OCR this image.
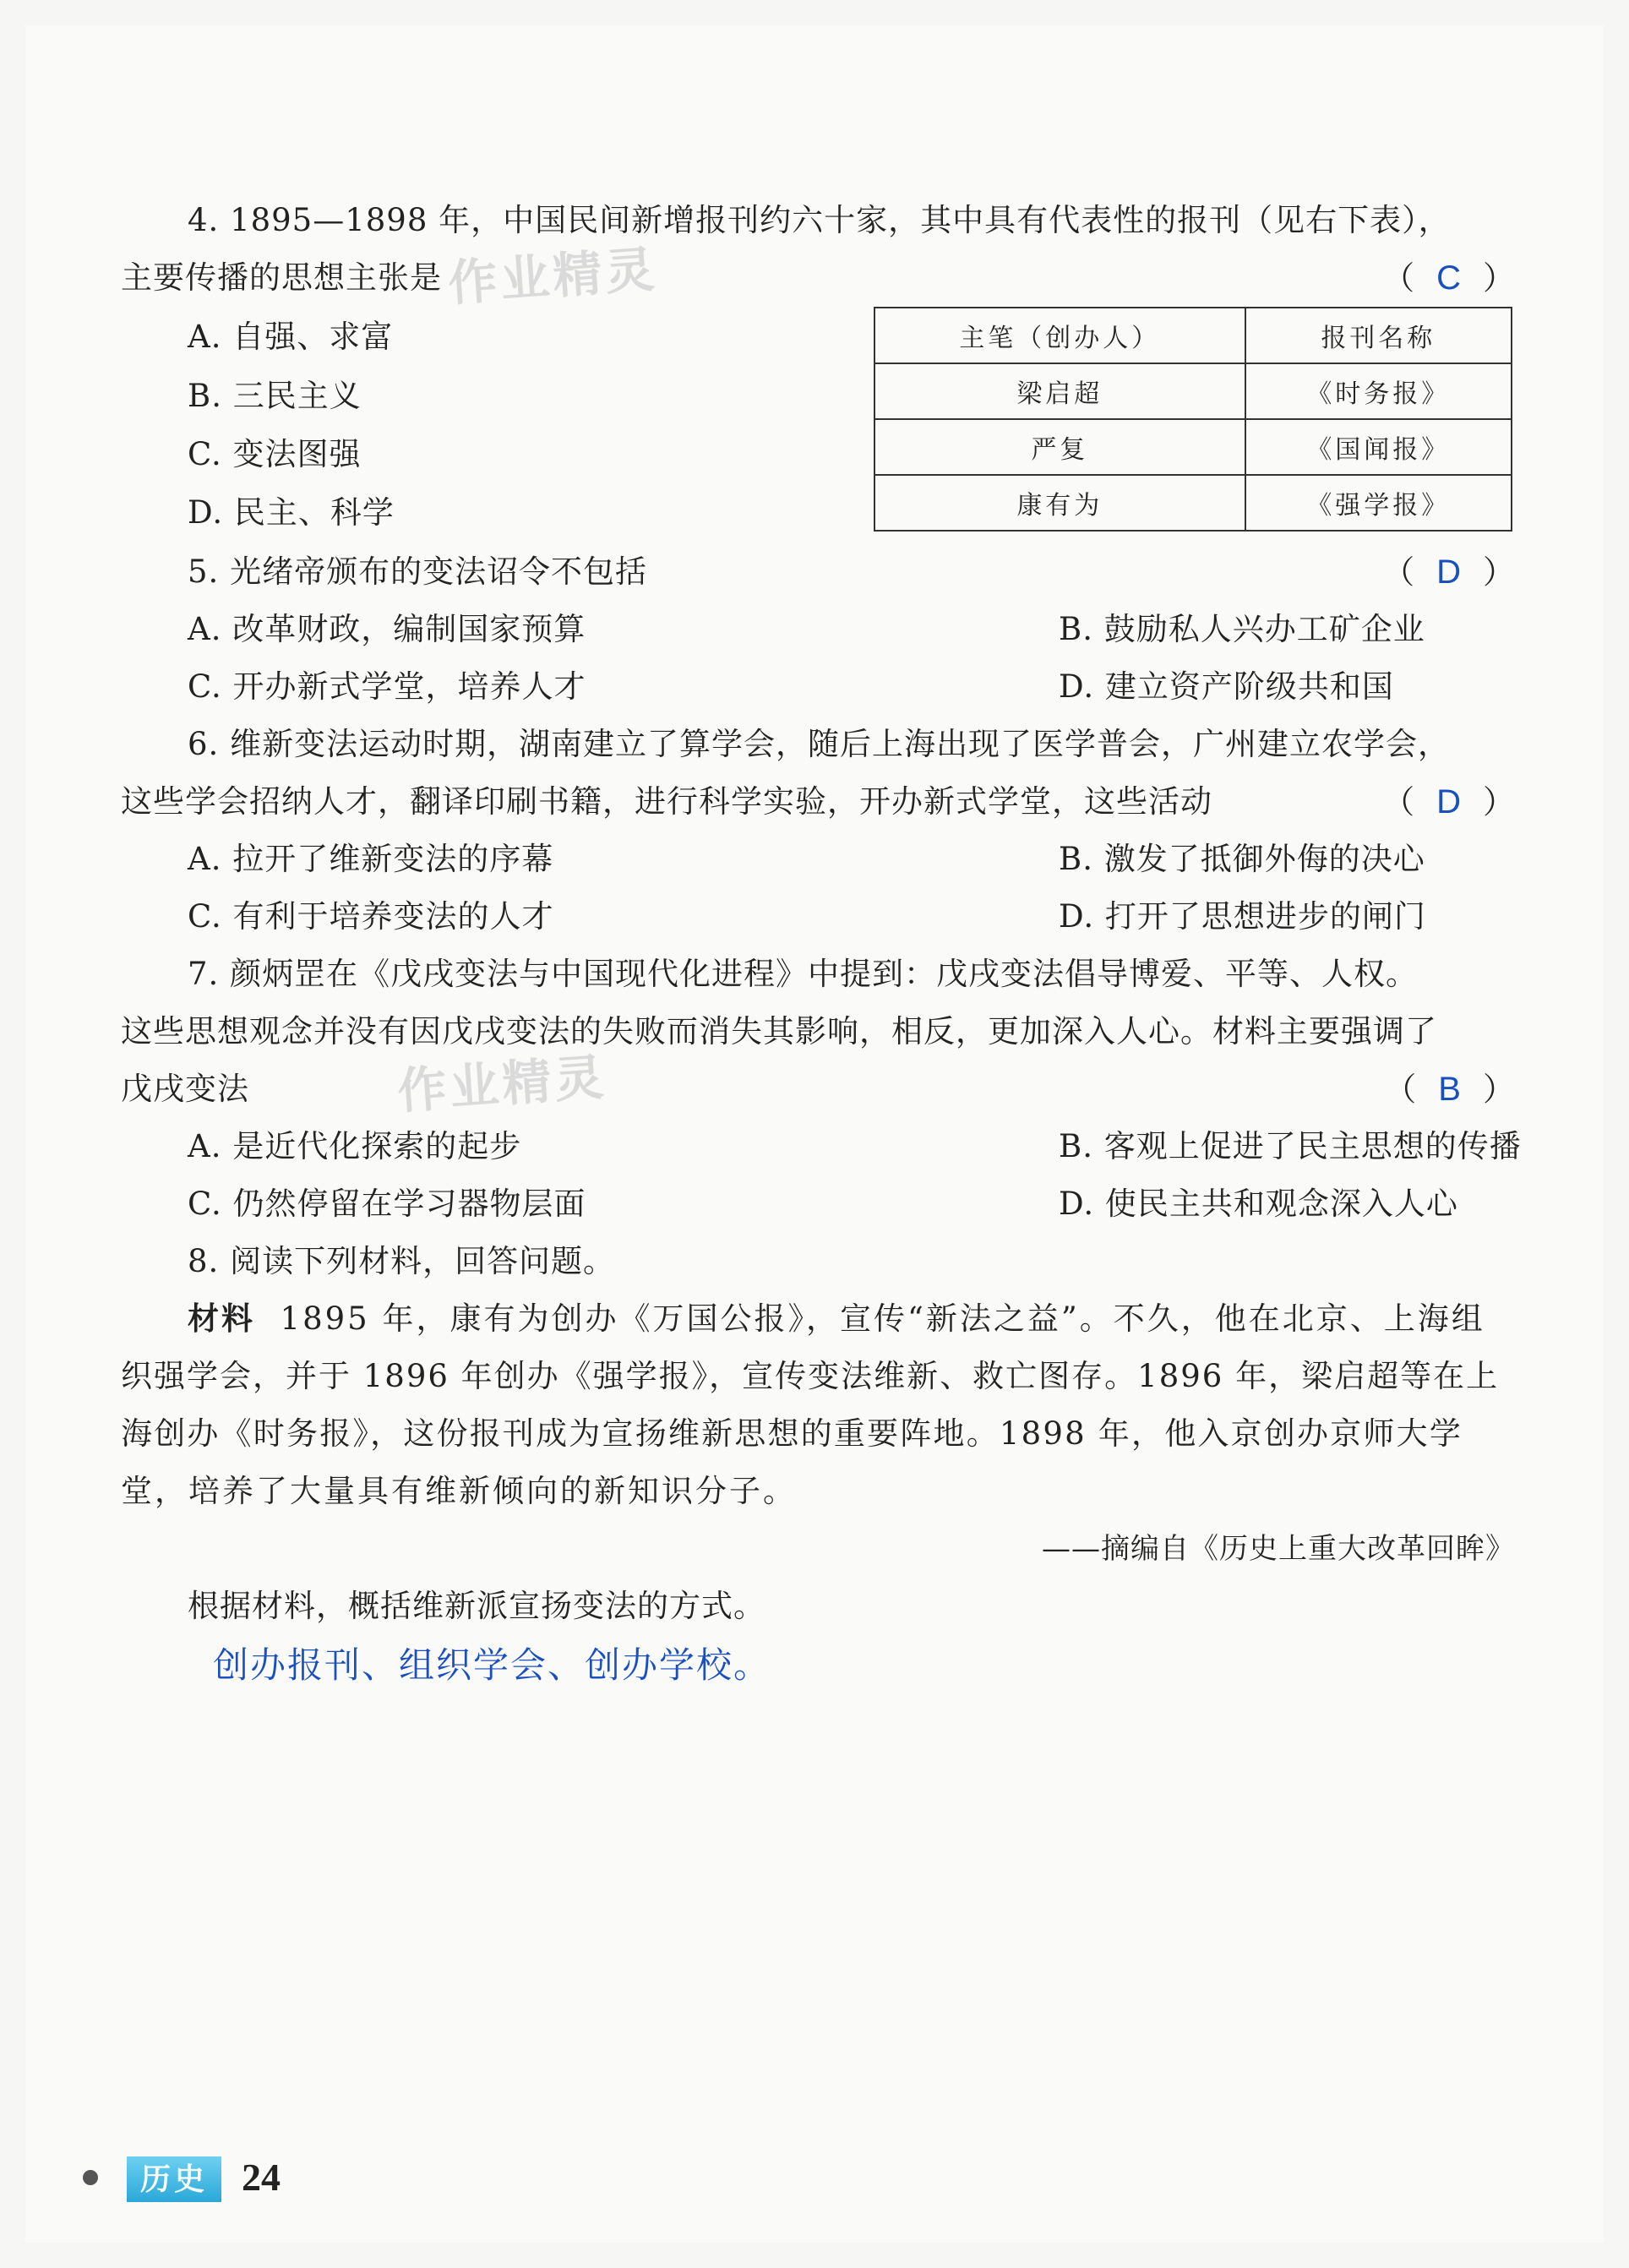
4. 1895—1898 年，中国民间新增报刊约六十家，其中具有代表性的报刊（见右下表），
主要传播的思想主张是	（ C ）
A. 自强、求富
B. 三民主义
C. 变法图强
D. 民主、科学
主笔（创办人）	报刊名称
梁启超	《时务报》
严复	《国闻报》
康有为	《强学报》
5. 光绪帝颁布的变法诏令不包括	（ D ）
A. 改革财政，编制国家预算	B. 鼓励私人兴办工矿企业
C. 开办新式学堂，培养人才	D. 建立资产阶级共和国
6. 维新变法运动时期，湖南建立了算学会，随后上海出现了医学普会，广州建立农学会，
这些学会招纳人才，翻译印刷书籍，进行科学实验，开办新式学堂，这些活动	（ D ）
A. 拉开了维新变法的序幕	B. 激发了抵御外侮的决心
C. 有利于培养变法的人才	D. 打开了思想进步的闸门
7. 颜炳罡在《戊戌变法与中国现代化进程》中提到：戊戌变法倡导博爱、平等、人权。
这些思想观念并没有因戊戌变法的失败而消失其影响，相反，更加深入人心。材料主要强调了
戊戌变法	（ B ）
A. 是近代化探索的起步	B. 客观上促进了民主思想的传播
C. 仍然停留在学习器物层面	D. 使民主共和观念深入人心
8. 阅读下列材料，回答问题。
材料 1895 年，康有为创办《万国公报》，宣传“新法之益”。不久，他在北京、上海组
织强学会，并于 1896 年创办《强学报》，宣传变法维新、救亡图存。1896 年，梁启超等在上
海创办《时务报》，这份报刊成为宣扬维新思想的重要阵地。1898 年，他入京创办京师大学
堂，培养了大量具有维新倾向的新知识分子。
——摘编自《历史上重大改革回眸》
根据材料，概括维新派宣扬变法的方式。
创办报刊、组织学会、创办学校。
作业精灵
作业精灵
历史 24
